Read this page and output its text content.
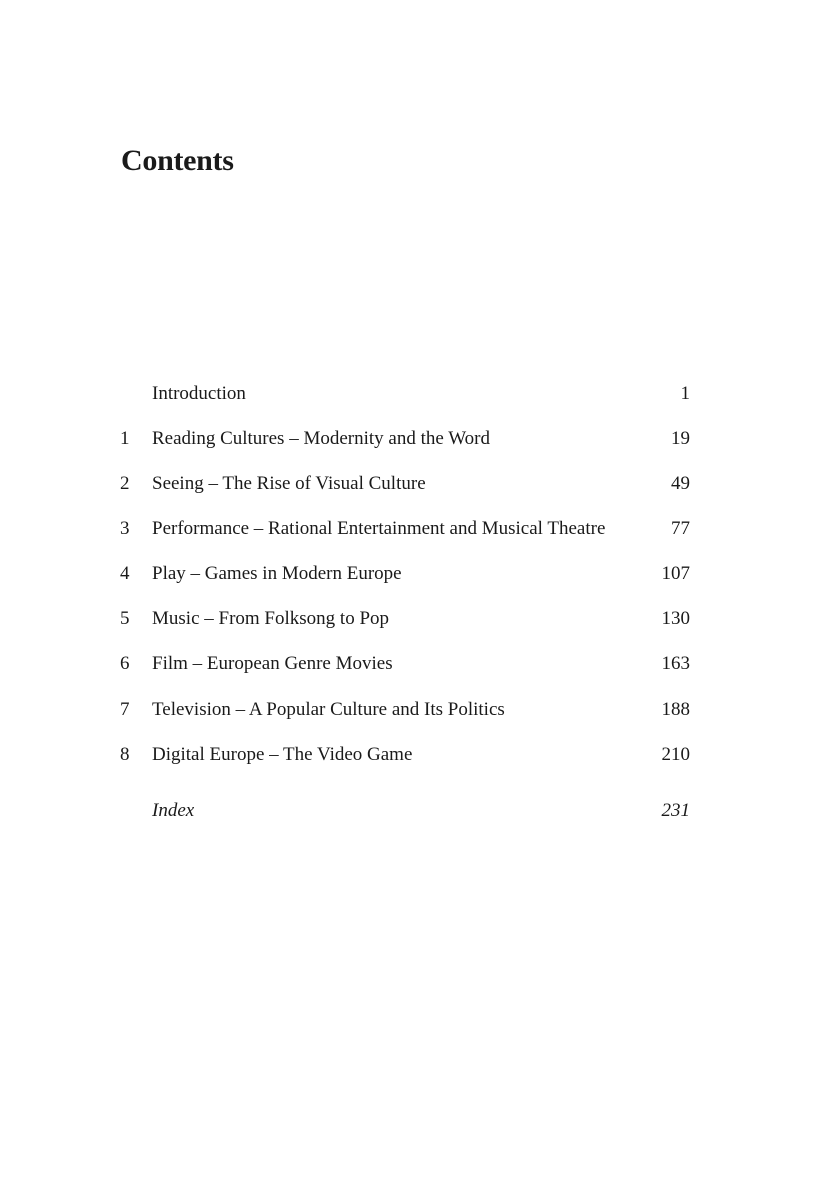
Contents
Introduction	1
1	Reading Cultures – Modernity and the Word	19
2	Seeing – The Rise of Visual Culture	49
3	Performance – Rational Entertainment and Musical Theatre	77
4	Play – Games in Modern Europe	107
5	Music – From Folksong to Pop	130
6	Film – European Genre Movies	163
7	Television – A Popular Culture and Its Politics	188
8	Digital Europe – The Video Game	210
Index	231
